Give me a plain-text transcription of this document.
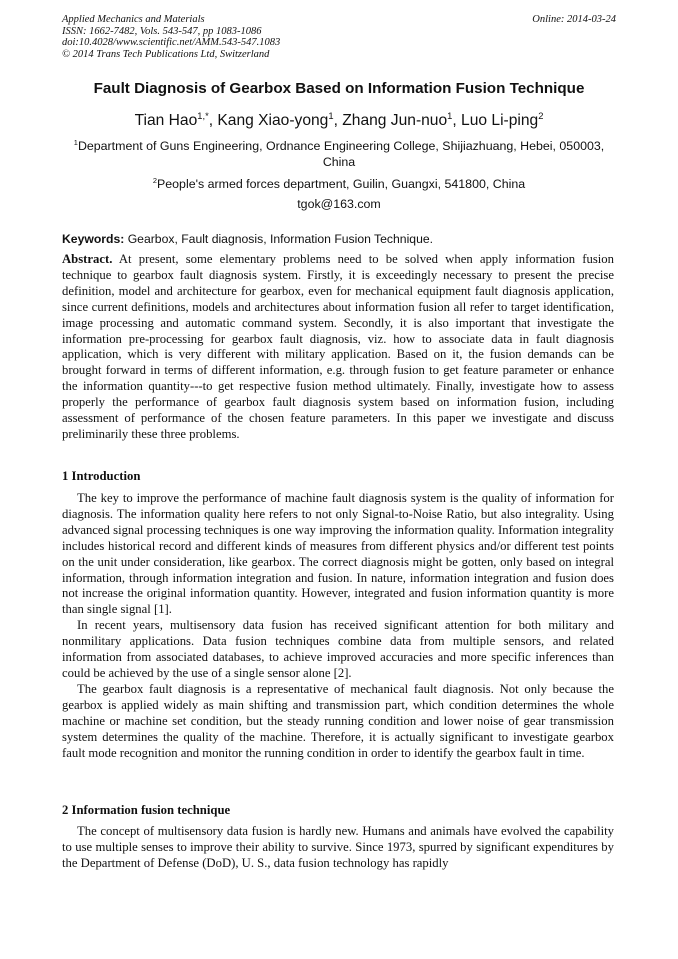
Applied Mechanics and Materials
ISSN: 1662-7482, Vols. 543-547, pp 1083-1086
doi:10.4028/www.scientific.net/AMM.543-547.1083
© 2014 Trans Tech Publications Ltd, Switzerland
Online: 2014-03-24
Fault Diagnosis of Gearbox Based on Information Fusion Technique
Tian Hao$^{1,*}$, Kang Xiao-yong$^1$, Zhang Jun-nuo$^1$, Luo Li-ping$^2$
$^1$Department of Guns Engineering, Ordnance Engineering College, Shijiazhuang, Hebei, 050003, China
$^2$People's armed forces department, Guilin, Guangxi, 541800, China
tgok@163.com
Keywords: Gearbox, Fault diagnosis, Information Fusion Technique.

Abstract. At present, some elementary problems need to be solved when apply information fusion technique to gearbox fault diagnosis system. Firstly, it is exceedingly necessary to present the precise definition, model and architecture for gearbox, even for mechanical equipment fault diagnosis application, since current definitions, models and architectures about information fusion all refer to target identification, image processing and automatic command system. Secondly, it is also important that investigate the information pre-processing for gearbox fault diagnosis, viz. how to associate data in fault diagnosis application, which is very different with military application. Based on it, the fusion demands can be brought forward in terms of different information, e.g. through fusion to get feature parameter or enhance the information quantity---to get respective fusion method ultimately. Finally, investigate how to assess properly the performance of gearbox fault diagnosis system based on information fusion, including assessment of performance of the chosen feature parameters. In this paper we investigate and discuss preliminarily these three problems.

1 Introduction

The key to improve the performance of machine fault diagnosis system is the quality of information for diagnosis. The information quality here refers to not only Signal-to-Noise Ratio, but also integrality. Using advanced signal processing techniques is one way improving the information quality. Information integrality includes historical record and different kinds of measures from different physics and/or different test points on the unit under consideration, like gearbox. The correct diagnosis might be gotten, only based on integral information, through information integration and fusion. In nature, information integration and fusion does not increase the original information quantity. However, integrated and fusion information quantity is more than single signal [1].

In recent years, multisensory data fusion has received significant attention for both military and nonmilitary applications. Data fusion techniques combine data from multiple sensors, and related information from associated databases, to achieve improved accuracies and more specific inferences than could be achieved by the use of a single sensor alone [2].

The gearbox fault diagnosis is a representative of mechanical fault diagnosis. Not only because the gearbox is applied widely as main shifting and transmission part, which condition determines the whole machine or machine set condition, but the steady running condition and lower noise of gear transmission system determines the quality of the machine. Therefore, it is actually significant to investigate gearbox fault mode recognition and monitor the running condition in order to identify the gearbox fault in time.

2 Information fusion technique

The concept of multisensory data fusion is hardly new. Humans and animals have evolved the capability to use multiple senses to improve their ability to survive. Since 1973, spurred by significant expenditures by the Department of Defense (DoD), U. S., data fusion technology has rapidly
